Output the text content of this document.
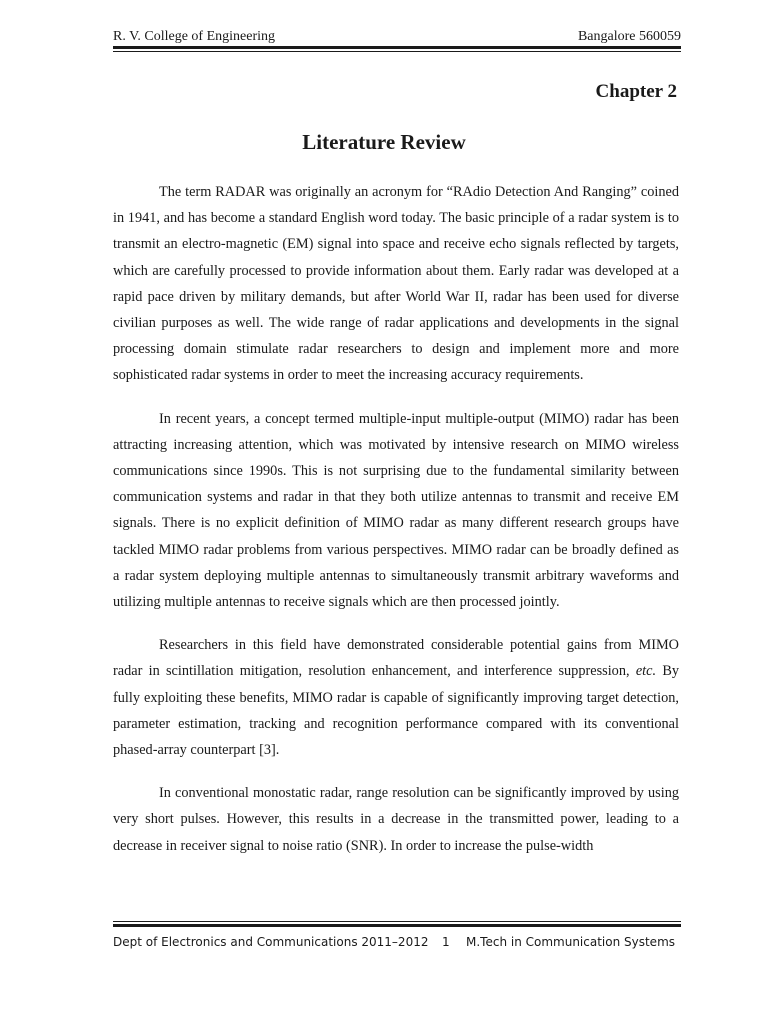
R. V. College of Engineering	Bangalore 560059
Chapter 2
Literature Review

The term RADAR was originally an acronym for “RAdio Detection And Ranging” coined in 1941, and has become a standard English word today. The basic principle of a radar system is to transmit an electro-magnetic (EM) signal into space and receive echo signals reflected by targets, which are carefully processed to provide information about them. Early radar was developed at a rapid pace driven by military demands, but after World War II, radar has been used for diverse civilian purposes as well. The wide range of radar applications and developments in the signal processing domain stimulate radar researchers to design and implement more and more sophisticated radar systems in order to meet the increasing accuracy requirements.

In recent years, a concept termed multiple-input multiple-output (MIMO) radar has been attracting increasing attention, which was motivated by intensive research on MIMO wireless communications since 1990s. This is not surprising due to the fundamental similarity between communication systems and radar in that they both utilize antennas to transmit and receive EM signals. There is no explicit definition of MIMO radar as many different research groups have tackled MIMO radar problems from various perspectives. MIMO radar can be broadly defined as a radar system deploying multiple antennas to simultaneously transmit arbitrary waveforms and utilizing multiple antennas to receive signals which are then processed jointly.

Researchers in this field have demonstrated considerable potential gains from MIMO radar in scintillation mitigation, resolution enhancement, and interference suppression, etc. By fully exploiting these benefits, MIMO radar is capable of significantly improving target detection, parameter estimation, tracking and recognition performance compared with its conventional phased-array counterpart [3].

In conventional monostatic radar, range resolution can be significantly improved by using very short pulses. However, this results in a decrease in the transmitted power, leading to a decrease in receiver signal to noise ratio (SNR). In order to increase the pulse-width

Dept of Electronics and Communications 2011–2012 1 M.Tech in Communication Systems
